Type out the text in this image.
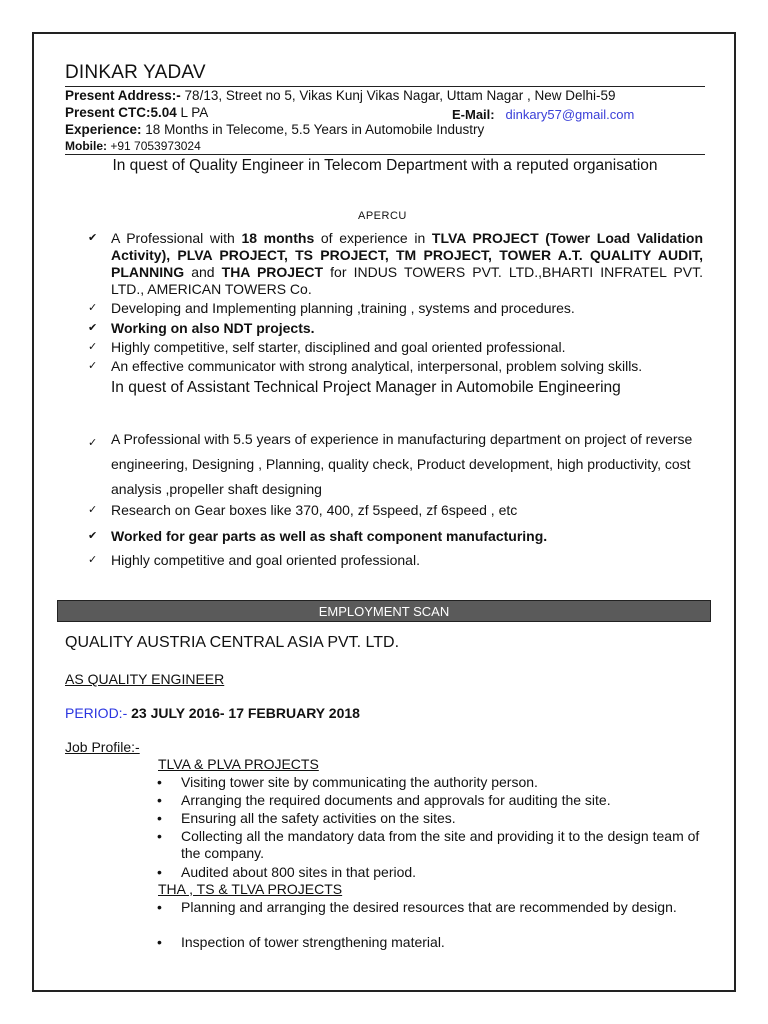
DINKAR YADAV
Present Address:- 78/13, Street no 5, Vikas Kunj Vikas Nagar, Uttam Nagar , New Delhi-59
Present CTC:5.04 L PA	E-Mail: dinkary57@gmail.com
Experience: 18 Months in Telecome, 5.5 Years in Automobile Industry
Mobile: +91 7053973024
In quest of Quality Engineer in Telecom Department with a reputed organisation
APERCU
✔ A Professional with 18 months of experience in TLVA PROJECT (Tower Load Validation Activity), PLVA PROJECT, TS PROJECT, TM PROJECT, TOWER A.T. QUALITY AUDIT, PLANNING and THA PROJECT for INDUS TOWERS PVT. LTD.,BHARTI INFRATEL PVT. LTD., AMERICAN TOWERS Co.
✓ Developing and Implementing planning ,training , systems and procedures.
✔ Working on also NDT projects.
✓ Highly competitive, self starter, disciplined and goal oriented professional.
✓ An effective communicator with strong analytical, interpersonal, problem solving skills.
In quest of Assistant Technical Project Manager in Automobile Engineering
✓ A Professional with 5.5 years of experience in manufacturing department on project of reverse engineering, Designing , Planning, quality check, Product development, high productivity, cost analysis ,propeller shaft designing
✓ Research on Gear boxes like 370, 400, zf 5speed, zf 6speed , etc
✔ Worked for gear parts as well as shaft component manufacturing.
✓ Highly competitive and goal oriented professional.
EMPLOYMENT SCAN
QUALITY AUSTRIA CENTRAL ASIA PVT. LTD.
AS QUALITY ENGINEER
PERIOD:- 23 JULY 2016- 17 FEBRUARY 2018
Job Profile:-
TLVA & PLVA PROJECTS
• Visiting tower site by communicating the authority person.
• Arranging the required documents and approvals for auditing the site.
• Ensuring all the safety activities on the sites.
• Collecting all the mandatory data from the site and providing it to the design team of the company.
• Audited about 800 sites in that period.
THA , TS & TLVA PROJECTS
• Planning and arranging the desired resources that are recommended by design.
• Inspection of tower strengthening material.
